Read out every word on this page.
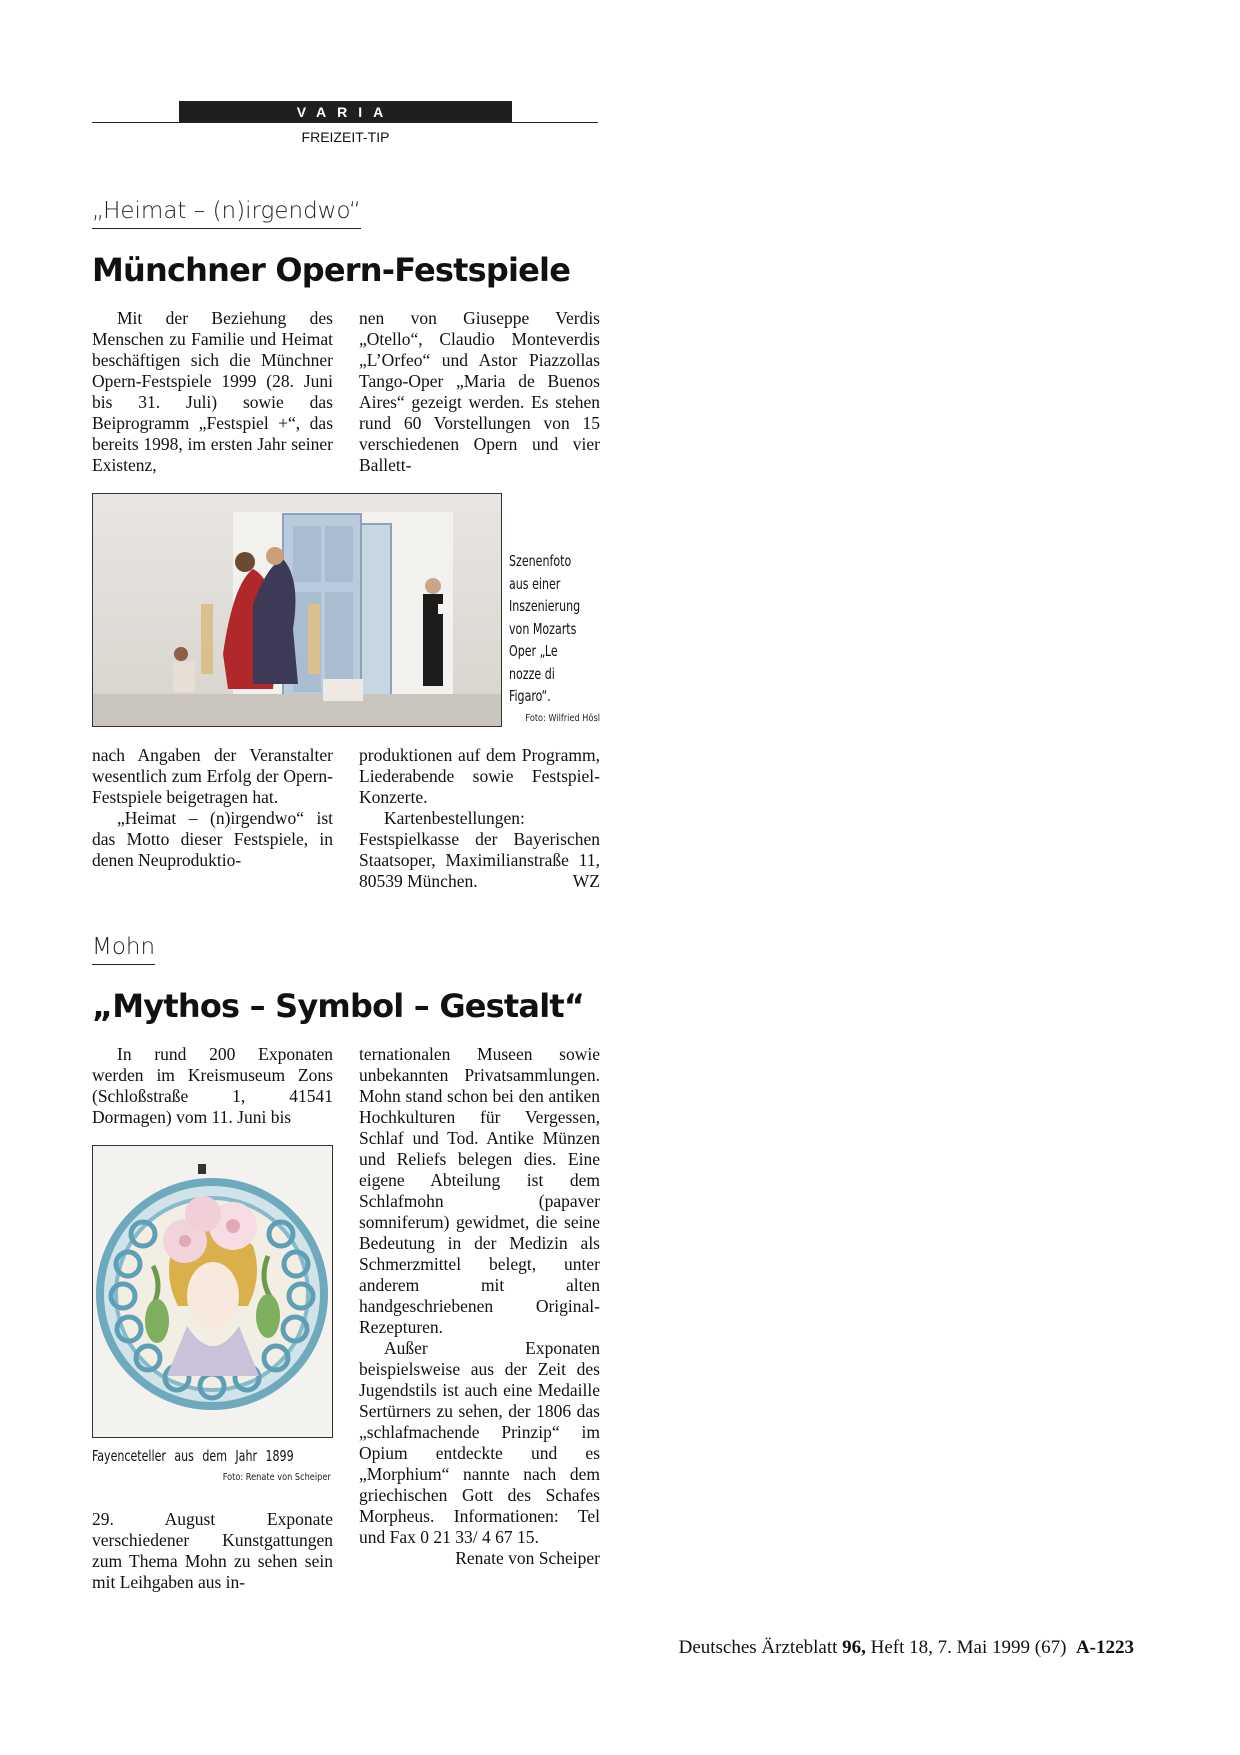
VARIA
FREIZEIT-TIP
„Heimat – (n)irgendwo“
Münchner Opern-Festspiele

Mit der Beziehung des Menschen zu Familie und Heimat beschäftigen sich die Münchner Opern-Festspiele 1999 (28. Juni bis 31. Juli) sowie das Beiprogramm „Festspiel +“, das bereits 1998, im ersten Jahr seiner Existenz,

nen von Giuseppe Verdis „Otello“, Claudio Monteverdis „L’Orfeo“ und Astor Piazzollas Tango-Oper „Maria de Buenos Aires“ gezeigt werden. Es stehen rund 60 Vorstellungen von 15 verschiedenen Opern und vier Ballett-

Szenenfoto aus einer Inszenierung von Mozarts Oper „Le nozze di Figaro“.
Foto: Wilfried Hösl

nach Angaben der Veranstalter wesentlich zum Erfolg der Opern-Festspiele beigetragen hat.

„Heimat – (n)irgendwo“ ist das Motto dieser Festspiele, in denen Neuproduktio-

produktionen auf dem Programm, Liederabende sowie Festspiel-Konzerte.

Kartenbestellungen: Festspielkasse der Bayerischen Staatsoper, Maximilianstraße 11, 80539 München.	WZ

Mohn
„Mythos – Symbol – Gestalt“

In rund 200 Exponaten werden im Kreismuseum Zons (Schloßstraße 1, 41541 Dormagen) vom 11. Juni bis

Fayenceteller aus dem Jahr 1899
Foto: Renate von Scheiper

29. August Exponate verschiedener Kunstgattungen zum Thema Mohn zu sehen sein mit Leihgaben aus in-

ternationalen Museen sowie unbekannten Privatsammlungen. Mohn stand schon bei den antiken Hochkulturen für Vergessen, Schlaf und Tod. Antike Münzen und Reliefs belegen dies. Eine eigene Abteilung ist dem Schlafmohn (papaver somniferum) gewidmet, die seine Bedeutung in der Medizin als Schmerzmittel belegt, unter anderem mit alten handgeschriebenen Original-Rezepturen.

Außer Exponaten beispielsweise aus der Zeit des Jugendstils ist auch eine Medaille Sertürners zu sehen, der 1806 das „schlafmachende Prinzip“ im Opium entdeckte und es „Morphium“ nannte nach dem griechischen Gott des Schafes Morpheus. Informationen: Tel und Fax 0 21 33/ 4 67 15.
Renate von Scheiper

Deutsches Ärzteblatt 96, Heft 18, 7. Mai 1999 (67) A-1223
